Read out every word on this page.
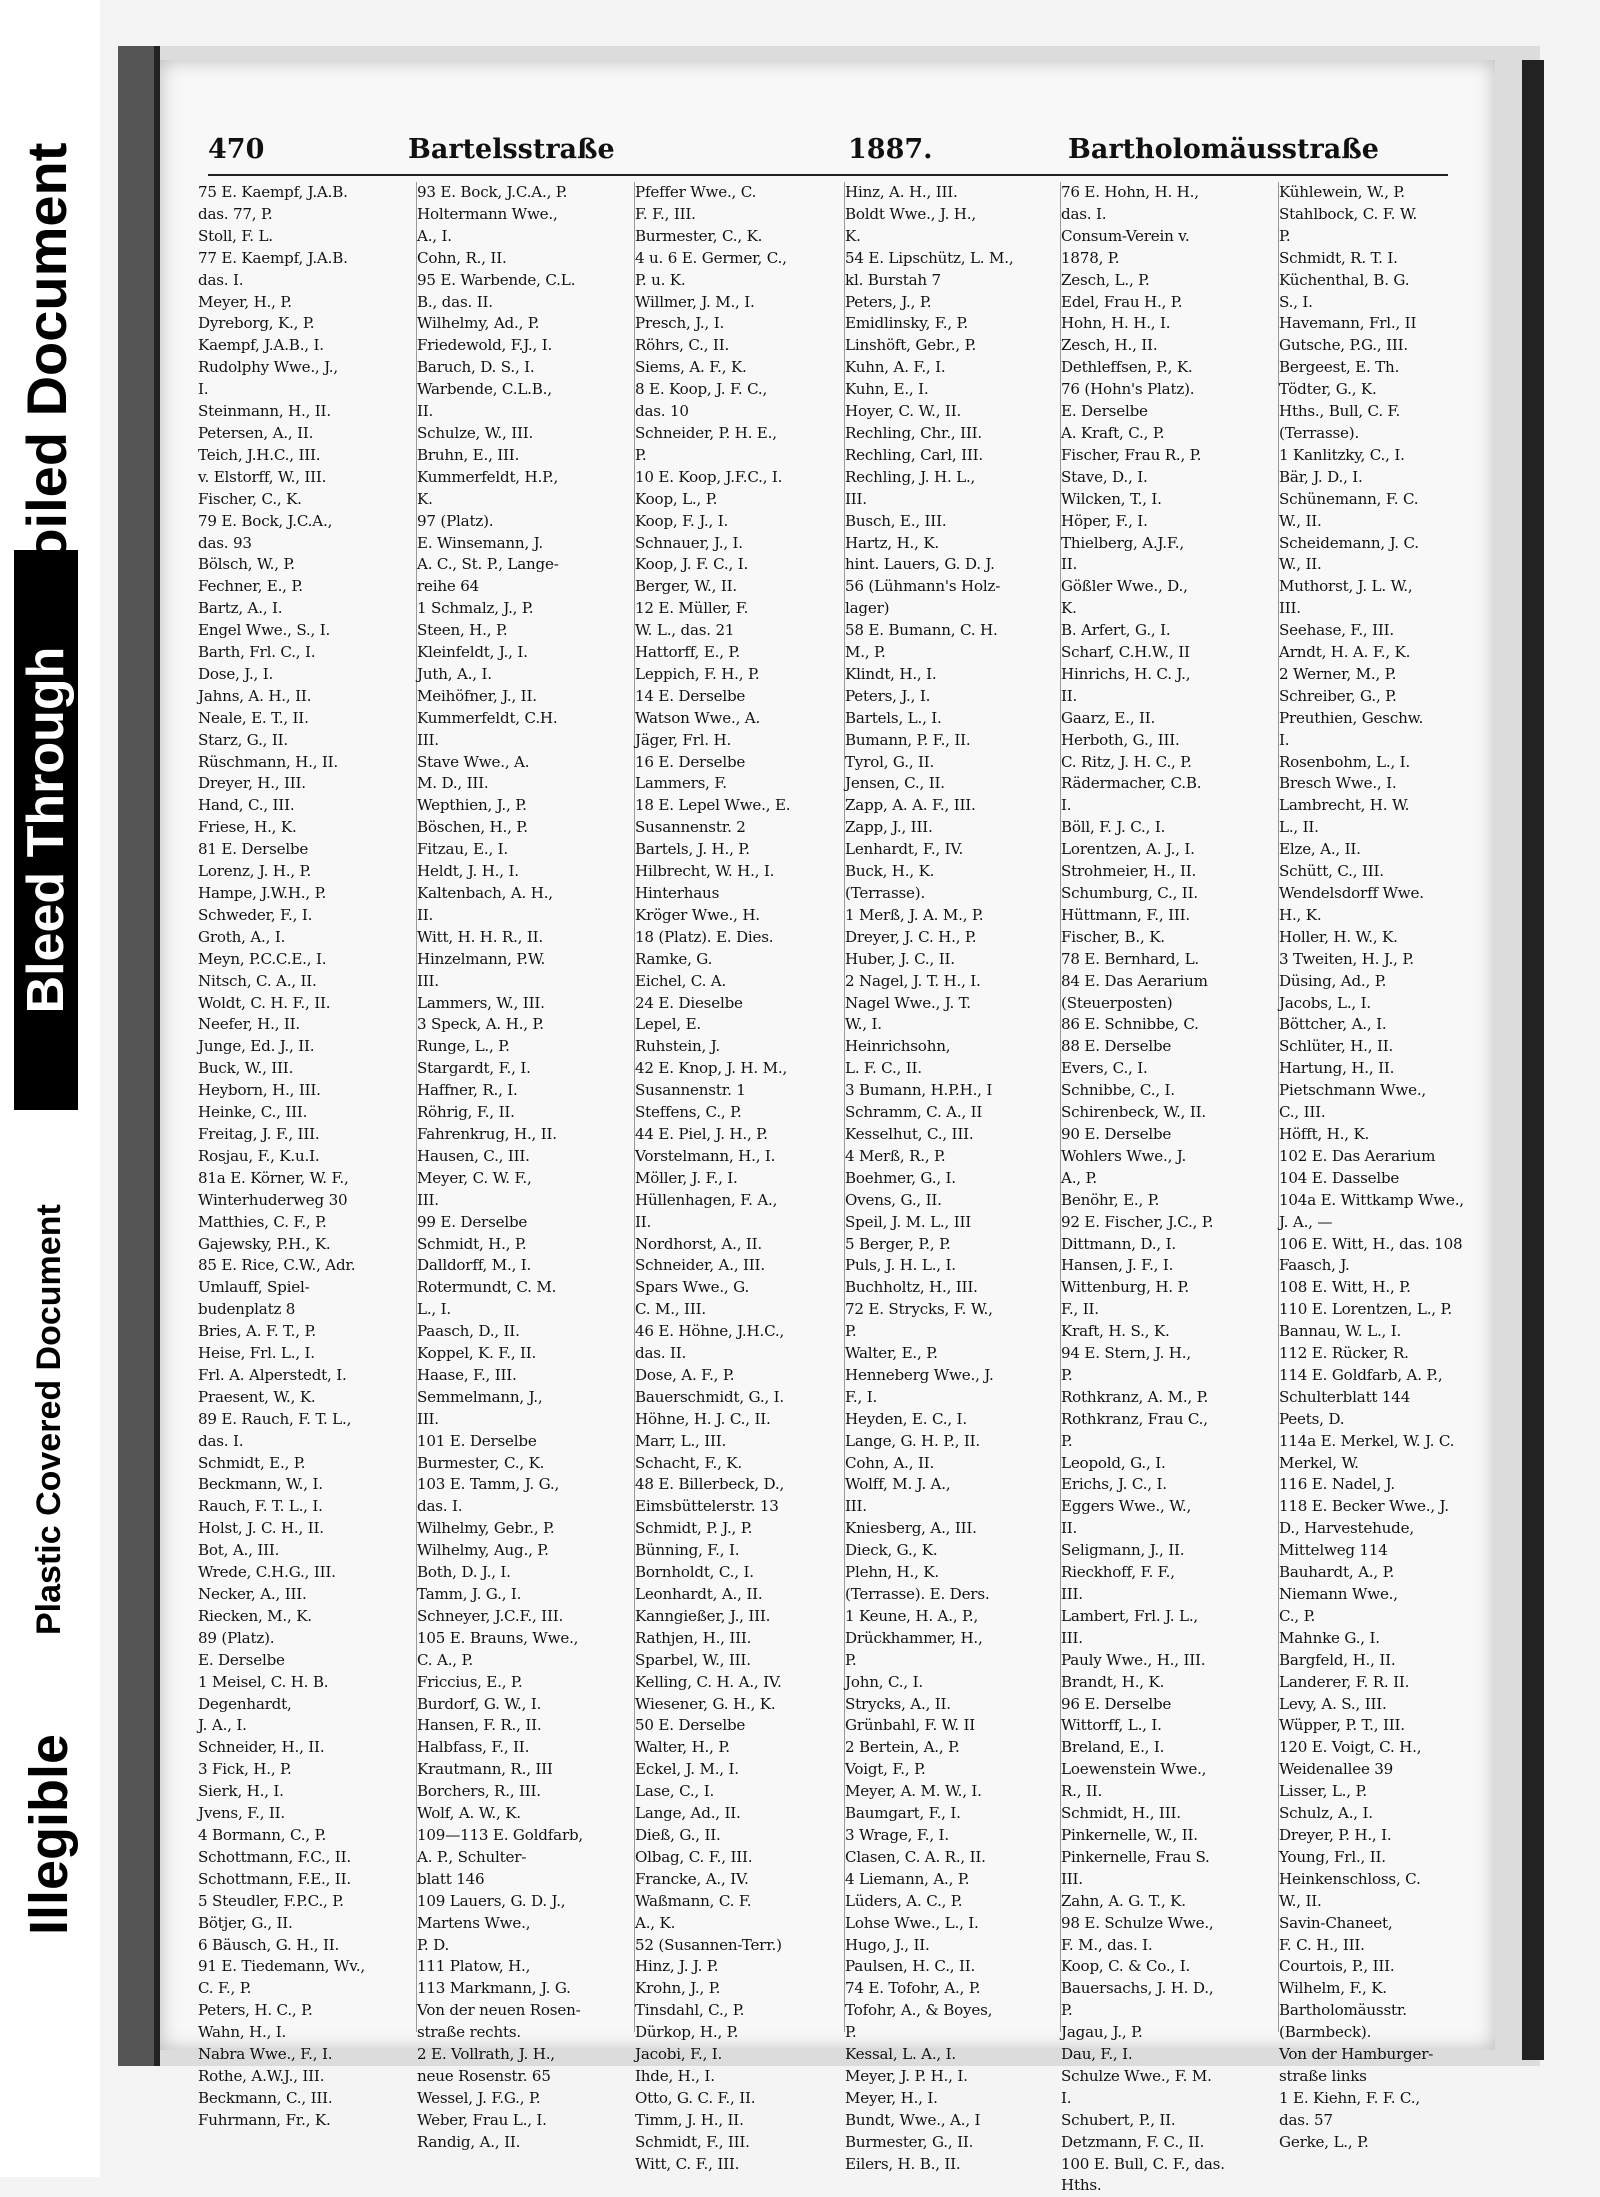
Illegible
Plastic Covered Document
Bleed Through
Soiled Document	470	Bartelsstraße	1887.	Bartholomäusstraße
75 E. Kaempf, J.A.B.
das. 77, P.
Stoll, F. L.
77 E. Kaempf, J.A.B.
das. I.
Meyer, H., P.
Dyreborg, K., P.
Kaempf, J.A.B., I.
Rudolphy Wwe., J.,
I.
Steinmann, H., II.
Petersen, A., II.
Teich, J.H.C., III.
v. Elstorff, W., III.
Fischer, C., K.
79 E. Bock, J.C.A.,
das. 93
Bölsch, W., P.
Fechner, E., P.
Bartz, A., I.
Engel Wwe., S., I.
Barth, Frl. C., I.
Dose, J., I.
Jahns, A. H., II.
Neale, E. T., II.
Starz, G., II.
Rüschmann, H., II.
Dreyer, H., III.
Hand, C., III.
Friese, H., K.
81 E. Derselbe
Lorenz, J. H., P.
Hampe, J.W.H., P.
Schweder, F., I.
Groth, A., I.
Meyn, P.C.C.E., I.
Nitsch, C. A., II.
Woldt, C. H. F., II.
Neefer, H., II.
Junge, Ed. J., II.
Buck, W., III.
Heyborn, H., III.
Heinke, C., III.
Freitag, J. F., III.
Rosjau, F., K.u.I.
81a E. Körner, W. F.,
Winterhuderweg 30
Matthies, C. F., P.
Gajewsky, P.H., K.
85 E. Rice, C.W., Adr.
Umlauff, Spiel-
budenplatz 8
Bries, A. F. T., P.
Heise, Frl. L., I.
Frl. A. Alperstedt, I.
Praesent, W., K.
89 E. Rauch, F. T. L.,
das. I.
Schmidt, E., P.
Beckmann, W., I.
Rauch, F. T. L., I.
Holst, J. C. H., II.
Bot, A., III.
Wrede, C.H.G., III.
Necker, A., III.
Riecken, M., K.
89 (Platz).
E. Derselbe
1 Meisel, C. H. B.
Degenhardt,
J. A., I.
Schneider, H., II.
3 Fick, H., P.
Sierk, H., I.
Jvens, F., II.
4 Bormann, C., P.
Schottmann, F.C., II.
Schottmann, F.E., II.
5 Steudler, F.P.C., P.
Bötjer, G., II.
6 Bäusch, G. H., II.
91 E. Tiedemann, Wv.,
C. F., P.
Peters, H. C., P.
Wahn, H., I.
Nabra Wwe., F., I.
Rothe, A.W.J., III.
Beckmann, C., III.
Fuhrmann, Fr., K.
93 E. Bock, J.C.A., P.
Holtermann Wwe.,
A., I.
Cohn, R., II.
95 E. Warbende, C.L.
B., das. II.
Wilhelmy, Ad., P.
Friedewold, F.J., I.
Baruch, D. S., I.
Warbende, C.L.B.,
II.
Schulze, W., III.
Bruhn, E., III.
Kummerfeldt, H.P.,
K.
97 (Platz).
E. Winsemann, J.
A. C., St. P., Lange-
reihe 64
1 Schmalz, J., P.
Steen, H., P.
Kleinfeldt, J., I.
Juth, A., I.
Meihöfner, J., II.
Kummerfeldt, C.H.
III.
Stave Wwe., A.
M. D., III.
Wepthien, J., P.
Böschen, H., P.
Fitzau, E., I.
Heldt, J. H., I.
Kaltenbach, A. H.,
II.
Witt, H. H. R., II.
Hinzelmann, P.W.
III.
Lammers, W., III.
3 Speck, A. H., P.
Runge, L., P.
Stargardt, F., I.
Haffner, R., I.
Röhrig, F., II.
Fahrenkrug, H., II.
Hausen, C., III.
Meyer, C. W. F.,
III.
99 E. Derselbe
Schmidt, H., P.
Dalldorff, M., I.
Rotermundt, C. M.
L., I.
Paasch, D., II.
Koppel, K. F., II.
Haase, F., III.
Semmelmann, J.,
III.
101 E. Derselbe
Burmester, C., K.
103 E. Tamm, J. G.,
das. I.
Wilhelmy, Gebr., P.
Wilhelmy, Aug., P.
Both, D. J., I.
Tamm, J. G., I.
Schneyer, J.C.F., III.
105 E. Brauns, Wwe.,
C. A., P.
Friccius, E., P.
Burdorf, G. W., I.
Hansen, F. R., II.
Halbfass, F., II.
Krautmann, R., III
Borchers, R., III.
Wolf, A. W., K.
109—113 E. Goldfarb,
A. P., Schulter-
blatt 146
109 Lauers, G. D. J.,
Martens Wwe.,
P. D.
111 Platow, H.,
113 Markmann, J. G.
Von der neuen Rosen-
straße rechts.
2 E. Vollrath, J. H.,
neue Rosenstr. 65
Wessel, J. F.G., P.
Weber, Frau L., I.
Randig, A., II.
Pfeffer Wwe., C.
F. F., III.
Burmester, C., K.
4 u. 6 E. Germer, C.,
P. u. K.
Willmer, J. M., I.
Presch, J., I.
Röhrs, C., II.
Siems, A. F., K.
8 E. Koop, J. F. C.,
das. 10
Schneider, P. H. E.,
P.
10 E. Koop, J.F.C., I.
Koop, L., P.
Koop, F. J., I.
Schnauer, J., I.
Koop, J. F. C., I.
Berger, W., II.
12 E. Müller, F.
W. L., das. 21
Hattorff, E., P.
Leppich, F. H., P.
14 E. Derselbe
Watson Wwe., A.
Jäger, Frl. H.
16 E. Derselbe
Lammers, F.
18 E. Lepel Wwe., E.
Susannenstr. 2
Bartels, J. H., P.
Hilbrecht, W. H., I.
Hinterhaus
Kröger Wwe., H.
18 (Platz). E. Dies.
Ramke, G.
Eichel, C. A.
24 E. Dieselbe
Lepel, E.
Ruhstein, J.
42 E. Knop, J. H. M.,
Susannenstr. 1
Steffens, C., P.
44 E. Piel, J. H., P.
Vorstelmann, H., I.
Möller, J. F., I.
Hüllenhagen, F. A.,
II.
Nordhorst, A., II.
Schneider, A., III.
Spars Wwe., G.
C. M., III.
46 E. Höhne, J.H.C.,
das. II.
Dose, A. F., P.
Bauerschmidt, G., I.
Höhne, H. J. C., II.
Marr, L., III.
Schacht, F., K.
48 E. Billerbeck, D.,
Eimsbüttelerstr. 13
Schmidt, P. J., P.
Bünning, F., I.
Bornholdt, C., I.
Leonhardt, A., II.
Kanngießer, J., III.
Rathjen, H., III.
Sparbel, W., III.
Kelling, C. H. A., IV.
Wiesener, G. H., K.
50 E. Derselbe
Walter, H., P.
Eckel, J. M., I.
Lase, C., I.
Lange, Ad., II.
Dieß, G., II.
Olbag, C. F., III.
Francke, A., IV.
Waßmann, C. F.
A., K.
52 (Susannen-Terr.)
Hinz, J. J. P.
Krohn, J., P.
Tinsdahl, C., P.
Dürkop, H., P.
Jacobi, F., I.
Ihde, H., I.
Otto, G. C. F., II.
Timm, J. H., II.
Schmidt, F., III.
Witt, C. F., III.
Hinz, A. H., III.
Boldt Wwe., J. H.,
K.
54 E. Lipschütz, L. M.,
kl. Burstah 7
Peters, J., P.
Emidlinsky, F., P.
Linshöft, Gebr., P.
Kuhn, A. F., I.
Kuhn, E., I.
Hoyer, C. W., II.
Rechling, Chr., III.
Rechling, Carl, III.
Rechling, J. H. L.,
III.
Busch, E., III.
Hartz, H., K.
hint. Lauers, G. D. J.
56 (Lühmann's Holz-
lager)
58 E. Bumann, C. H.
M., P.
Klindt, H., I.
Peters, J., I.
Bartels, L., I.
Bumann, P. F., II.
Tyrol, G., II.
Jensen, C., II.
Zapp, A. A. F., III.
Zapp, J., III.
Lenhardt, F., IV.
Buck, H., K.
(Terrasse).
1 Merß, J. A. M., P.
Dreyer, J. C. H., P.
Huber, J. C., II.
2 Nagel, J. T. H., I.
Nagel Wwe., J. T.
W., I.
Heinrichsohn,
L. F. C., II.
3 Bumann, H.P.H., I
Schramm, C. A., II
Kesselhut, C., III.
4 Merß, R., P.
Boehmer, G., I.
Ovens, G., II.
Speil, J. M. L., III
5 Berger, P., P.
Puls, J. H. L., I.
Buchholtz, H., III.
72 E. Strycks, F. W.,
P.
Walter, E., P.
Henneberg Wwe., J.
F., I.
Heyden, E. C., I.
Lange, G. H. P., II.
Cohn, A., II.
Wolff, M. J. A.,
III.
Kniesberg, A., III.
Dieck, G., K.
Plehn, H., K.
(Terrasse). E. Ders.
1 Keune, H. A., P.,
Drückhammer, H.,
P.
John, C., I.
Strycks, A., II.
Grünbahl, F. W. II
2 Bertein, A., P.
Voigt, F., P.
Meyer, A. M. W., I.
Baumgart, F., I.
3 Wrage, F., I.
Clasen, C. A. R., II.
4 Liemann, A., P.
Lüders, A. C., P.
Lohse Wwe., L., I.
Hugo, J., II.
Paulsen, H. C., II.
74 E. Tofohr, A., P.
Tofohr, A., & Boyes,
P.
Kessal, L. A., I.
Meyer, J. P. H., I.
Meyer, H., I.
Bundt, Wwe., A., I
Burmester, G., II.
Eilers, H. B., II.
76 E. Hohn, H. H.,
das. I.
Consum-Verein v.
1878, P.
Zesch, L., P.
Edel, Frau H., P.
Hohn, H. H., I.
Zesch, H., II.
Dethleffsen, P., K.
76 (Hohn's Platz).
E. Derselbe
A. Kraft, C., P.
Fischer, Frau R., P.
Stave, D., I.
Wilcken, T., I.
Höper, F., I.
Thielberg, A.J.F.,
II.
Gößler Wwe., D.,
K.
B. Arfert, G., I.
Scharf, C.H.W., II
Hinrichs, H. C. J.,
II.
Gaarz, E., II.
Herboth, G., III.
C. Ritz, J. H. C., P.
Rädermacher, C.B.
I.
Böll, F. J. C., I.
Lorentzen, A. J., I.
Strohmeier, H., II.
Schumburg, C., II.
Hüttmann, F., III.
Fischer, B., K.
78 E. Bernhard, L.
84 E. Das Aerarium
(Steuerposten)
86 E. Schnibbe, C.
88 E. Derselbe
Evers, C., I.
Schnibbe, C., I.
Schirenbeck, W., II.
90 E. Derselbe
Wohlers Wwe., J.
A., P.
Benöhr, E., P.
92 E. Fischer, J.C., P.
Dittmann, D., I.
Hansen, J. F., I.
Wittenburg, H. P.
F., II.
Kraft, H. S., K.
94 E. Stern, J. H.,
P.
Rothkranz, A. M., P.
Rothkranz, Frau C.,
P.
Leopold, G., I.
Erichs, J. C., I.
Eggers Wwe., W.,
II.
Seligmann, J., II.
Rieckhoff, F. F.,
III.
Lambert, Frl. J. L.,
III.
Pauly Wwe., H., III.
Brandt, H., K.
96 E. Derselbe
Wittorff, L., I.
Breland, E., I.
Loewenstein Wwe.,
R., II.
Schmidt, H., III.
Pinkernelle, W., II.
Pinkernelle, Frau S.
III.
Zahn, A. G. T., K.
98 E. Schulze Wwe.,
F. M., das. I.
Koop, C. & Co., I.
Bauersachs, J. H. D.,
P.
Jagau, J., P.
Dau, F., I.
Schulze Wwe., F. M.
I.
Schubert, P., II.
Detzmann, F. C., II.
100 E. Bull, C. F., das.
Hths.
Kühlewein, W., P.
Stahlbock, C. F. W.
P.
Schmidt, R. T. I.
Küchenthal, B. G.
S., I.
Havemann, Frl., II
Gutsche, P.G., III.
Bergeest, E. Th.
Tödter, G., K.
Hths., Bull, C. F.
(Terrasse).
1 Kanlitzky, C., I.
Bär, J. D., I.
Schünemann, F. C.
W., II.
Scheidemann, J. C.
W., II.
Muthorst, J. L. W.,
III.
Seehase, F., III.
Arndt, H. A. F., K.
2 Werner, M., P.
Schreiber, G., P.
Preuthien, Geschw.
I.
Rosenbohm, L., I.
Bresch Wwe., I.
Lambrecht, H. W.
L., II.
Elze, A., II.
Schütt, C., III.
Wendelsdorff Wwe.
H., K.
Holler, H. W., K.
3 Tweiten, H. J., P.
Düsing, Ad., P.
Jacobs, L., I.
Böttcher, A., I.
Schlüter, H., II.
Hartung, H., II.
Pietschmann Wwe.,
C., III.
Höfft, H., K.
102 E. Das Aerarium
104 E. Dasselbe
104a E. Wittkamp Wwe.,
J. A., —
106 E. Witt, H., das. 108
Faasch, J.
108 E. Witt, H., P.
110 E. Lorentzen, L., P.
Bannau, W. L., I.
112 E. Rücker, R.
114 E. Goldfarb, A. P.,
Schulterblatt 144
Peets, D.
114a E. Merkel, W. J. C.
Merkel, W.
116 E. Nadel, J.
118 E. Becker Wwe., J.
D., Harvestehude,
Mittelweg 114
Bauhardt, A., P.
Niemann Wwe.,
C., P.
Mahnke G., I.
Bargfeld, H., II.
Landerer, F. R. II.
Levy, A. S., III.
Wüpper, P. T., III.
120 E. Voigt, C. H.,
Weidenallee 39
Lisser, L., P.
Schulz, A., I.
Dreyer, P. H., I.
Young, Frl., II.
Heinkenschloss, C.
W., II.
Savin-Chaneet,
F. C. H., III.
Courtois, P., III.
Wilhelm, F., K.
Bartholomäusstr.
(Barmbeck).
Von der Hamburger-
straße links
1 E. Kiehn, F. F. C.,
das. 57
Gerke, L., P.
